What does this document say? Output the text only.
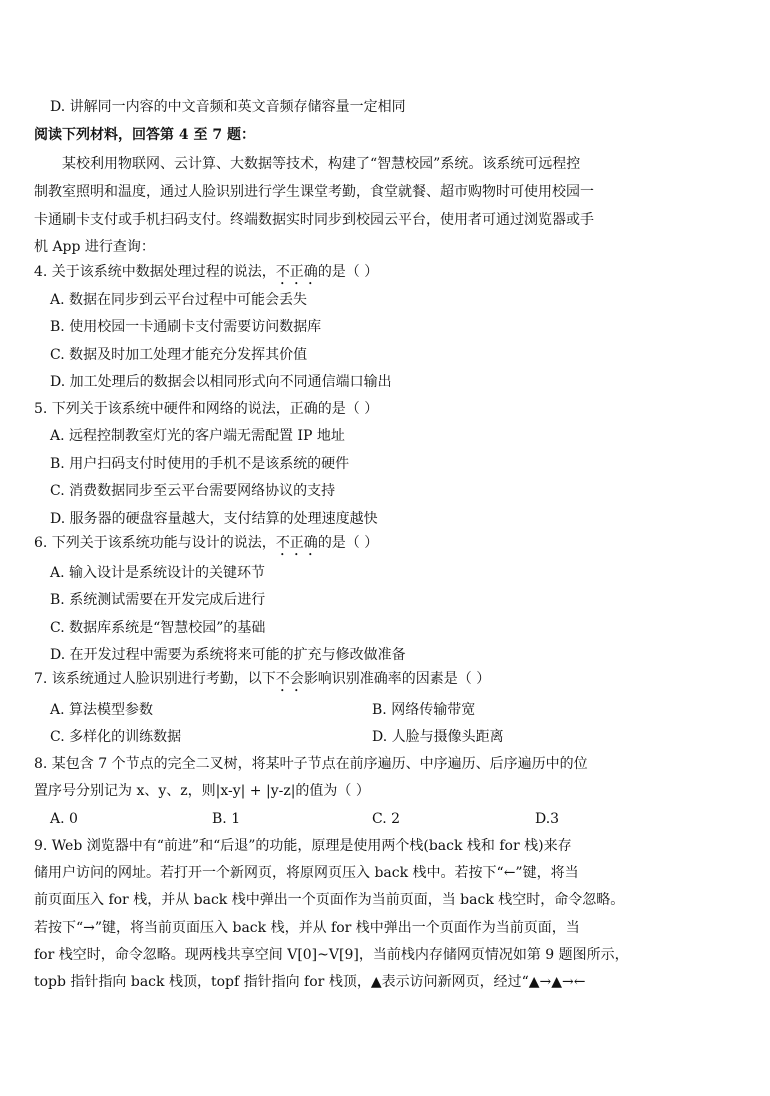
D. 讲解同一内容的中文音频和英文音频存储容量一定相同
阅读下列材料，回答第 4 至 7 题：
某校利用物联网、云计算、大数据等技术，构建了“智慧校园”系统。该系统可远程控
制教室照明和温度，通过人脸识别进行学生课堂考勤，食堂就餐、超市购物时可使用校园一
卡通刷卡支付或手机扫码支付。终端数据实时同步到校园云平台，使用者可通过浏览器或手
机 App 进行查询：
4. 关于该系统中数据处理过程的说法，不正确的是（ ）
A. 数据在同步到云平台过程中可能会丢失
B. 使用校园一卡通刷卡支付需要访问数据库
C. 数据及时加工处理才能充分发挥其价值
D. 加工处理后的数据会以相同形式向不同通信端口输出
5. 下列关于该系统中硬件和网络的说法，正确的是（ ）
A. 远程控制教室灯光的客户端无需配置 IP 地址
B. 用户扫码支付时使用的手机不是该系统的硬件
C. 消费数据同步至云平台需要网络协议的支持
D. 服务器的硬盘容量越大，支付结算的处理速度越快
6. 下列关于该系统功能与设计的说法，不正确的是（ ）
A. 输入设计是系统设计的关键环节
B. 系统测试需要在开发完成后进行
C. 数据库系统是“智慧校园”的基础
D. 在开发过程中需要为系统将来可能的扩充与修改做准备
7. 该系统通过人脸识别进行考勤，以下不会影响识别准确率的因素是（ ）
A. 算法模型参数	B. 网络传输带宽
C. 多样化的训练数据	D. 人脸与摄像头距离
8. 某包含 7 个节点的完全二叉树，将某叶子节点在前序遍历、中序遍历、后序遍历中的位
置序号分别记为 x、y、z，则|x-y| + |y-z|的值为（ ）
A. 0	B. 1	C. 2	D.3
9. Web 浏览器中有“前进”和“后退”的功能，原理是使用两个栈(back 栈和 for 栈)来存
储用户访问的网址。若打开一个新网页，将原网页压入 back 栈中。若按下“←”键，将当
前页面压入 for 栈，并从 back 栈中弹出一个页面作为当前页面，当 back 栈空时，命令忽略。
若按下“→”键，将当前页面压入 back 栈，并从 for 栈中弹出一个页面作为当前页面，当
for 栈空时，命令忽略。现两栈共享空间 V[0]~V[9]，当前栈内存储网页情况如第 9 题图所示，
topb 指针指向 back 栈顶，topf 指针指向 for 栈顶，▲表示访问新网页，经过“▲→▲→←
